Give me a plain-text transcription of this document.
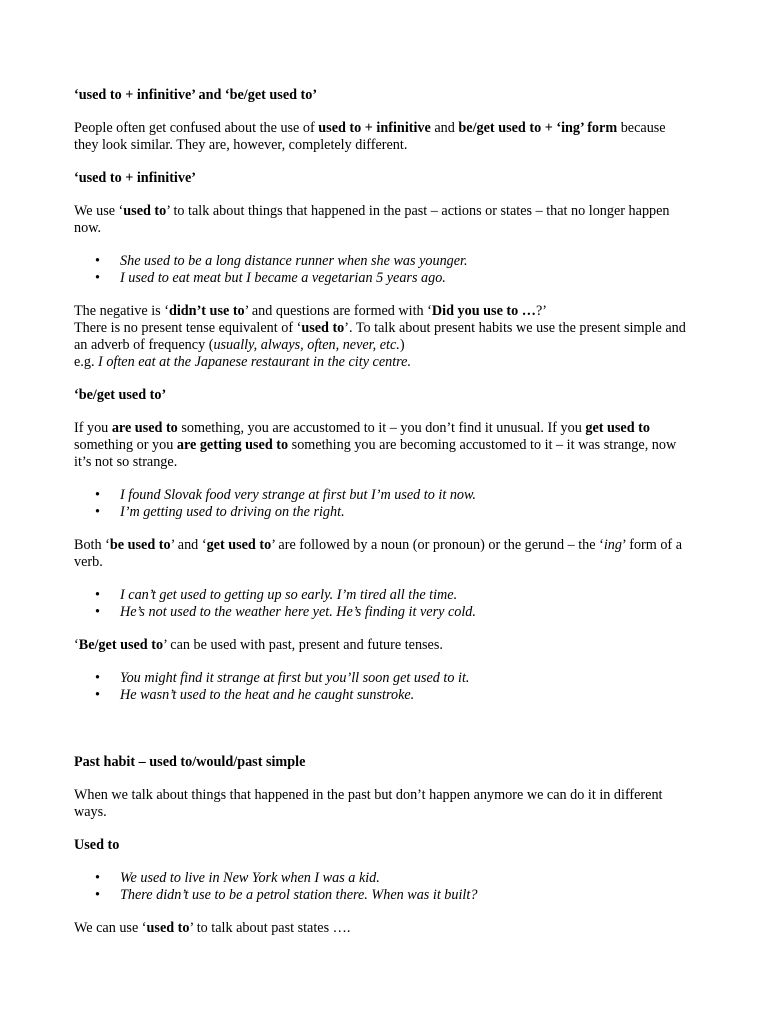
‘used to + infinitive’ and ‘be/get used to’

People often get confused about the use of used to + infinitive and be/get used to + ‘ing’ form because they look similar. They are, however, completely different.

‘used to + infinitive’

We use ‘used to’ to talk about things that happened in the past – actions or states – that no longer happen now.

• She used to be a long distance runner when she was younger.
• I used to eat meat but I became a vegetarian 5 years ago.

The negative is ‘didn’t use to’ and questions are formed with ‘Did you use to …?’

There is no present tense equivalent of ‘used to’. To talk about present habits we use the present simple and an adverb of frequency (usually, always, often, never, etc.)

e.g. I often eat at the Japanese restaurant in the city centre.

‘be/get used to’

If you are used to something, you are accustomed to it – you don’t find it unusual. If you get used to something or you are getting used to something you are becoming accustomed to it – it was strange, now it’s not so strange.

• I found Slovak food very strange at first but I’m used to it now.
• I’m getting used to driving on the right.

Both ‘be used to’ and ‘get used to’ are followed by a noun (or pronoun) or the gerund – the ‘ing’ form of a verb.

• I can’t get used to getting up so early. I’m tired all the time.
• He’s not used to the weather here yet. He’s finding it very cold.

‘Be/get used to’ can be used with past, present and future tenses.

• You might find it strange at first but you’ll soon get used to it.
• He wasn’t used to the heat and he caught sunstroke.

Past habit – used to/would/past simple

When we talk about things that happened in the past but don’t happen anymore we can do it in different ways.

Used to

• We used to live in New York when I was a kid.
• There didn’t use to be a petrol station there. When was it built?

We can use ‘used to’ to talk about past states ….
